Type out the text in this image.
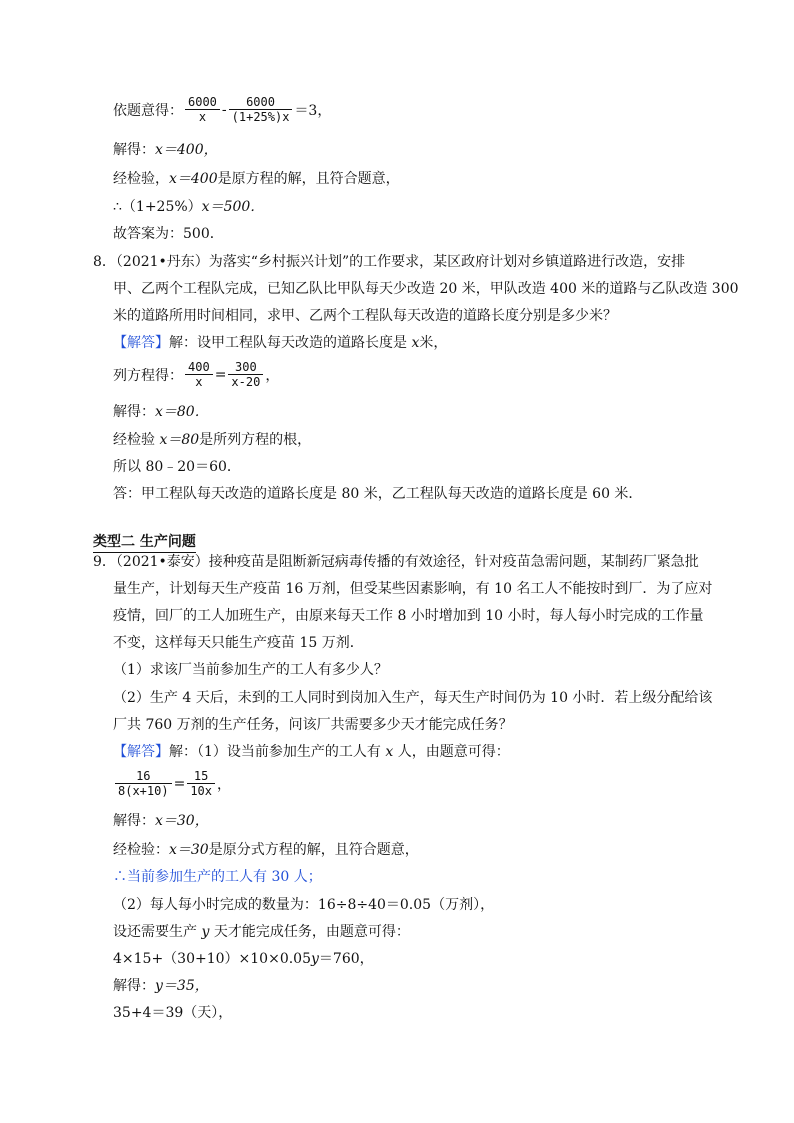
依题意得： $\frac{6000}{x} - \frac{6000}{(1+25\%)x} =3$，
解得：x＝400，
经检验，x＝400是原方程的解，且符合题意，
∴（1+25%）x＝500．
故答案为：500．
8．（2021•丹东）为落实“乡村振兴计划”的工作要求，某区政府计划对乡镇道路进行改造，安排
甲、乙两个工程队完成，已知乙队比甲队每天少改造 20 米，甲队改造 400 米的道路与乙队改造 300
米的道路所用时间相同，求甲、乙两个工程队每天改造的道路长度分别是多少米？
【解答】解：设甲工程队每天改造的道路长度是 x米，
列方程得： $\frac{400}{x} = \frac{300}{x-20}$ ，
解得：x＝80．
经检验 x＝80是所列方程的根，
所以 80﹣20＝60．
答：甲工程队每天改造的道路长度是 80 米，乙工程队每天改造的道路长度是 60 米．
类型二 生产问题
9．（2021•泰安）接种疫苗是阻断新冠病毒传播的有效途径，针对疫苗急需问题，某制药厂紧急批
量生产，计划每天生产疫苗 16 万剂，但受某些因素影响，有 10 名工人不能按时到厂．为了应对
疫情，回厂的工人加班生产，由原来每天工作 8 小时增加到 10 小时，每人每小时完成的工作量
不变，这样每天只能生产疫苗 15 万剂．
（1）求该厂当前参加生产的工人有多少人？
（2）生产 4 天后，未到的工人同时到岗加入生产，每天生产时间仍为 10 小时．若上级分配给该
厂共 760 万剂的生产任务，问该厂共需要多少天才能完成任务？
【解答】解：（1）设当前参加生产的工人有 x 人，由题意可得：
$\frac{16}{8(x+10)} = \frac{15}{10x}$ ，
解得：x＝30，
经检验：x＝30是原分式方程的解，且符合题意，
∴当前参加生产的工人有 30 人；
（2）每人每小时完成的数量为：16÷8÷40＝0.05（万剂），
设还需要生产 y 天才能完成任务，由题意可得：
4×15+（30+10）×10×0.05y＝760，
解得：y＝35，
35+4＝39（天），
